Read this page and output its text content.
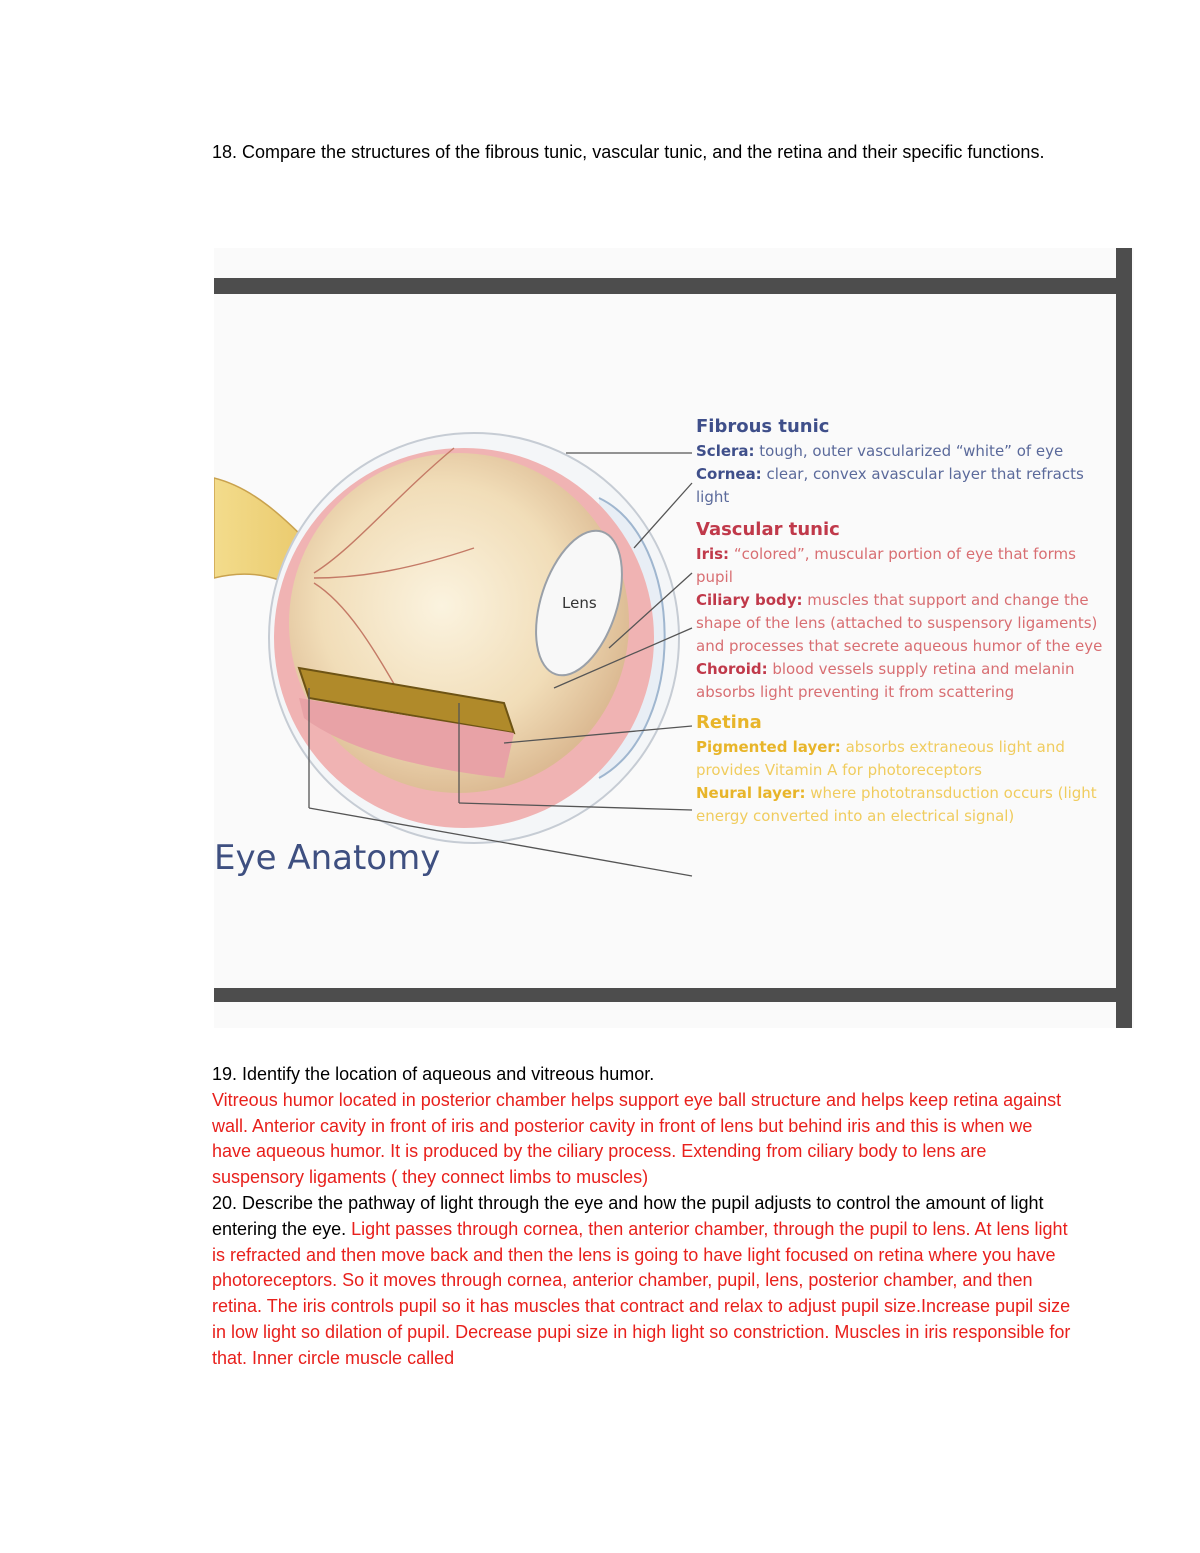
18. Compare the structures of the fibrous tunic, vascular tunic, and the retina and their specific functions.

Lens
Fibrous tunic

Sclera: tough, outer vascularized “white” of eye

Cornea: clear, convex avascular layer that refracts light

Vascular tunic

Iris: “colored”, muscular portion of eye that forms pupil

Ciliary body: muscles that support and change the shape of the lens (attached to suspensory ligaments) and processes that secrete aqueous humor of the eye

Choroid: blood vessels supply retina and melanin absorbs light preventing it from scattering

Retina

Pigmented layer: absorbs extraneous light and provides Vitamin A for photoreceptors

Neural layer: where phototransduction occurs (light energy converted into an electrical signal)

Eye Anatomy
19. Identify the location of aqueous and vitreous humor.
Vitreous humor located in posterior chamber helps support eye ball structure and helps keep retina against wall. Anterior cavity in front of iris and posterior cavity in front of lens but behind iris and this is when we have aqueous humor. It is produced by the ciliary process. Extending from ciliary body to lens are suspensory ligaments ( they connect limbs to muscles)
20. Describe the pathway of light through the eye and how the pupil adjusts to control the amount of light entering the eye. Light passes through cornea, then anterior chamber, through the pupil to lens. At lens light is refracted and then move back and then the lens is going to have light focused on retina where you have photoreceptors. So it moves through cornea, anterior chamber, pupil, lens, posterior chamber, and then retina. The iris controls pupil so it has muscles that contract and relax to adjust pupil size.Increase pupil size in low light so dilation of pupil. Decrease pupi size in high light so constriction. Muscles in iris responsible for that. Inner circle muscle called
